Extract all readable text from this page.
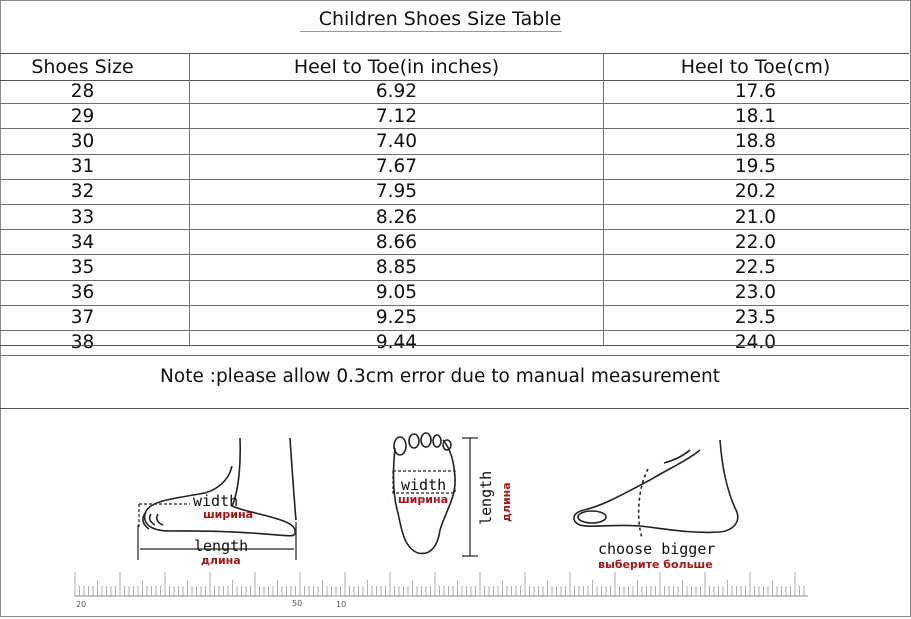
Children Shoes Size Table
Shoes Size	Heel to Toe(in inches)	Heel to Toe(cm)
28	6.92	17.6
29	7.12	18.1
30	7.40	18.8
31	7.67	19.5
32	7.95	20.2
33	8.26	21.0
34	8.66	22.0
35	8.85	22.5
36	9.05	23.0
37	9.25	23.5
38	9.44	24.0
Note :please allow 0.3cm error due to manual measurement
width
ширина
length
длина
width
ширина length длина
choose bigger
выберите больше
20	50	10
